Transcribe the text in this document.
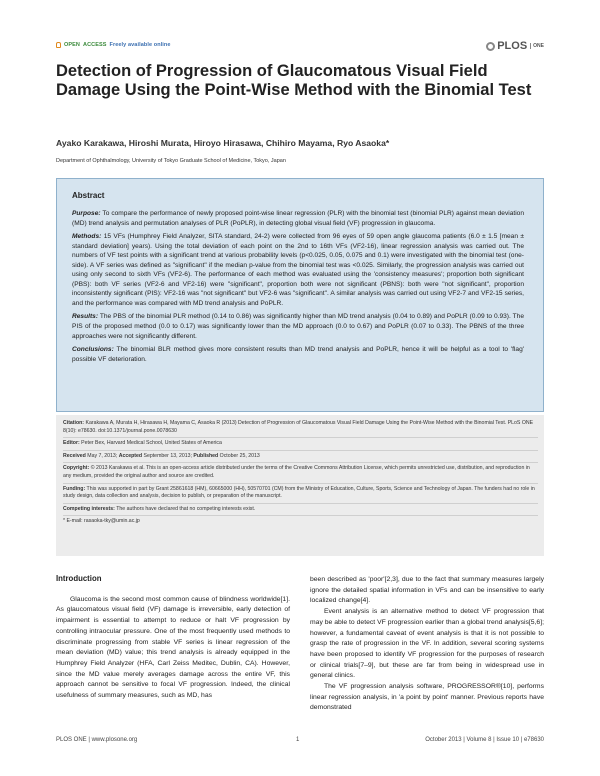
OPEN ACCESS Freely available online	PLOS	ONE
Detection of Progression of Glaucomatous Visual Field Damage Using the Point-Wise Method with the Binomial Test
Ayako Karakawa, Hiroshi Murata, Hiroyo Hirasawa, Chihiro Mayama, Ryo Asaoka*
Department of Ophthalmology, University of Tokyo Graduate School of Medicine, Tokyo, Japan
Abstract

Purpose: To compare the performance of newly proposed point-wise linear regression (PLR) with the binomial test (binomial PLR) against mean deviation (MD) trend analysis and permutation analyses of PLR (PoPLR), in detecting global visual field (VF) progression in glaucoma.

Methods: 15 VFs (Humphrey Field Analyzer, SITA standard, 24-2) were collected from 96 eyes of 59 open angle glaucoma patients (6.0 ± 1.5 [mean ± standard deviation] years). Using the total deviation of each point on the 2nd to 16th VFs (VF2-16), linear regression analysis was carried out. The numbers of VF test points with a significant trend at various probability levels (p<0.025, 0.05, 0.075 and 0.1) were investigated with the binomial test (one-side). A VF series was defined as "significant" if the median p-value from the binomial test was <0.025. Similarly, the progression analysis was carried out using only second to sixth VFs (VF2-6). The performance of each method was evaluated using the 'consistency measures'; proportion both significant (PBS): both VF series (VF2-6 and VF2-16) were "significant", proportion both were not significant (PBNS): both were "not significant", proportion inconsistently significant (PIS): VF2-16 was "not significant" but VF2-6 was "significant". A similar analysis was carried out using VF2-7 and VF2-15 series, and the performance was compared with MD trend analysis and PoPLR.

Results: The PBS of the binomial PLR method (0.14 to 0.86) was significantly higher than MD trend analysis (0.04 to 0.89) and PoPLR (0.09 to 0.93). The PIS of the proposed method (0.0 to 0.17) was significantly lower than the MD approach (0.0 to 0.67) and PoPLR (0.07 to 0.33). The PBNS of the three approaches were not significantly different.

Conclusions: The binomial BLR method gives more consistent results than MD trend analysis and PoPLR, hence it will be helpful as a tool to 'flag' possible VF deterioration.

Citation: Karakawa A, Murata H, Hirasawa H, Mayama C, Asaoka R (2013) Detection of Progression of Glaucomatous Visual Field Damage Using the Point-Wise Method with the Binomial Test. PLoS ONE 8(10): e78630. doi:10.1371/journal.pone.0078630

Editor: Peter Bex, Harvard Medical School, United States of America

Received May 7, 2013; Accepted September 13, 2013; Published October 25, 2013

Copyright: © 2013 Karakawa et al. This is an open-access article distributed under the terms of the Creative Commons Attribution License, which permits unrestricted use, distribution, and reproduction in any medium, provided the original author and source are credited.

Funding: This was supported in part by Grant 25861618 (HM), 60665000 (HH), 50570701 (CM) from the Ministry of Education, Culture, Sports, Science and Technology of Japan. The funders had no role in study design, data collection and analysis, decision to publish, or preparation of the manuscript.

Competing interests: The authors have declared that no competing interests exist.

* E-mail: rasaoka-tky@umin.ac.jp

Introduction

Glaucoma is the second most common cause of blindness worldwide[1]. As glaucomatous visual field (VF) damage is irreversible, early detection of impairment is essential to attempt to reduce or halt VF progression by controlling intraocular pressure. One of the most frequently used methods to discriminate progressing from stable VF series is linear regression of the mean deviation (MD) value; this trend analysis is already equipped in the Humphrey Field Analyzer (HFA, Carl Zeiss Meditec, Dublin, CA). However, since the MD value merely averages damage across the entire VF, this approach cannot be sensitive to focal VF progression. Indeed, the clinical usefulness of summary measures, such as MD, has

been described as 'poor'[2,3], due to the fact that summary measures largely ignore the detailed spatial information in VFs and can be insensitive to early localized change[4].

Event analysis is an alternative method to detect VF progression that may be able to detect VF progression earlier than a global trend analysis[5,6]; however, a fundamental caveat of event analysis is that it is not possible to grasp the rate of progression in the VF. In addition, several scoring systems have been proposed to identify VF progression for the purposes of research or clinical trials[7–9], but these are far from being in widespread use in general clinics.

The VF progression analysis software, PROGRESSOR®[10], performs linear regression analysis, in 'a point by point' manner. Previous reports have demonstrated

PLOS ONE | www.plosone.org	1	October 2013 | Volume 8 | Issue 10 | e78630
